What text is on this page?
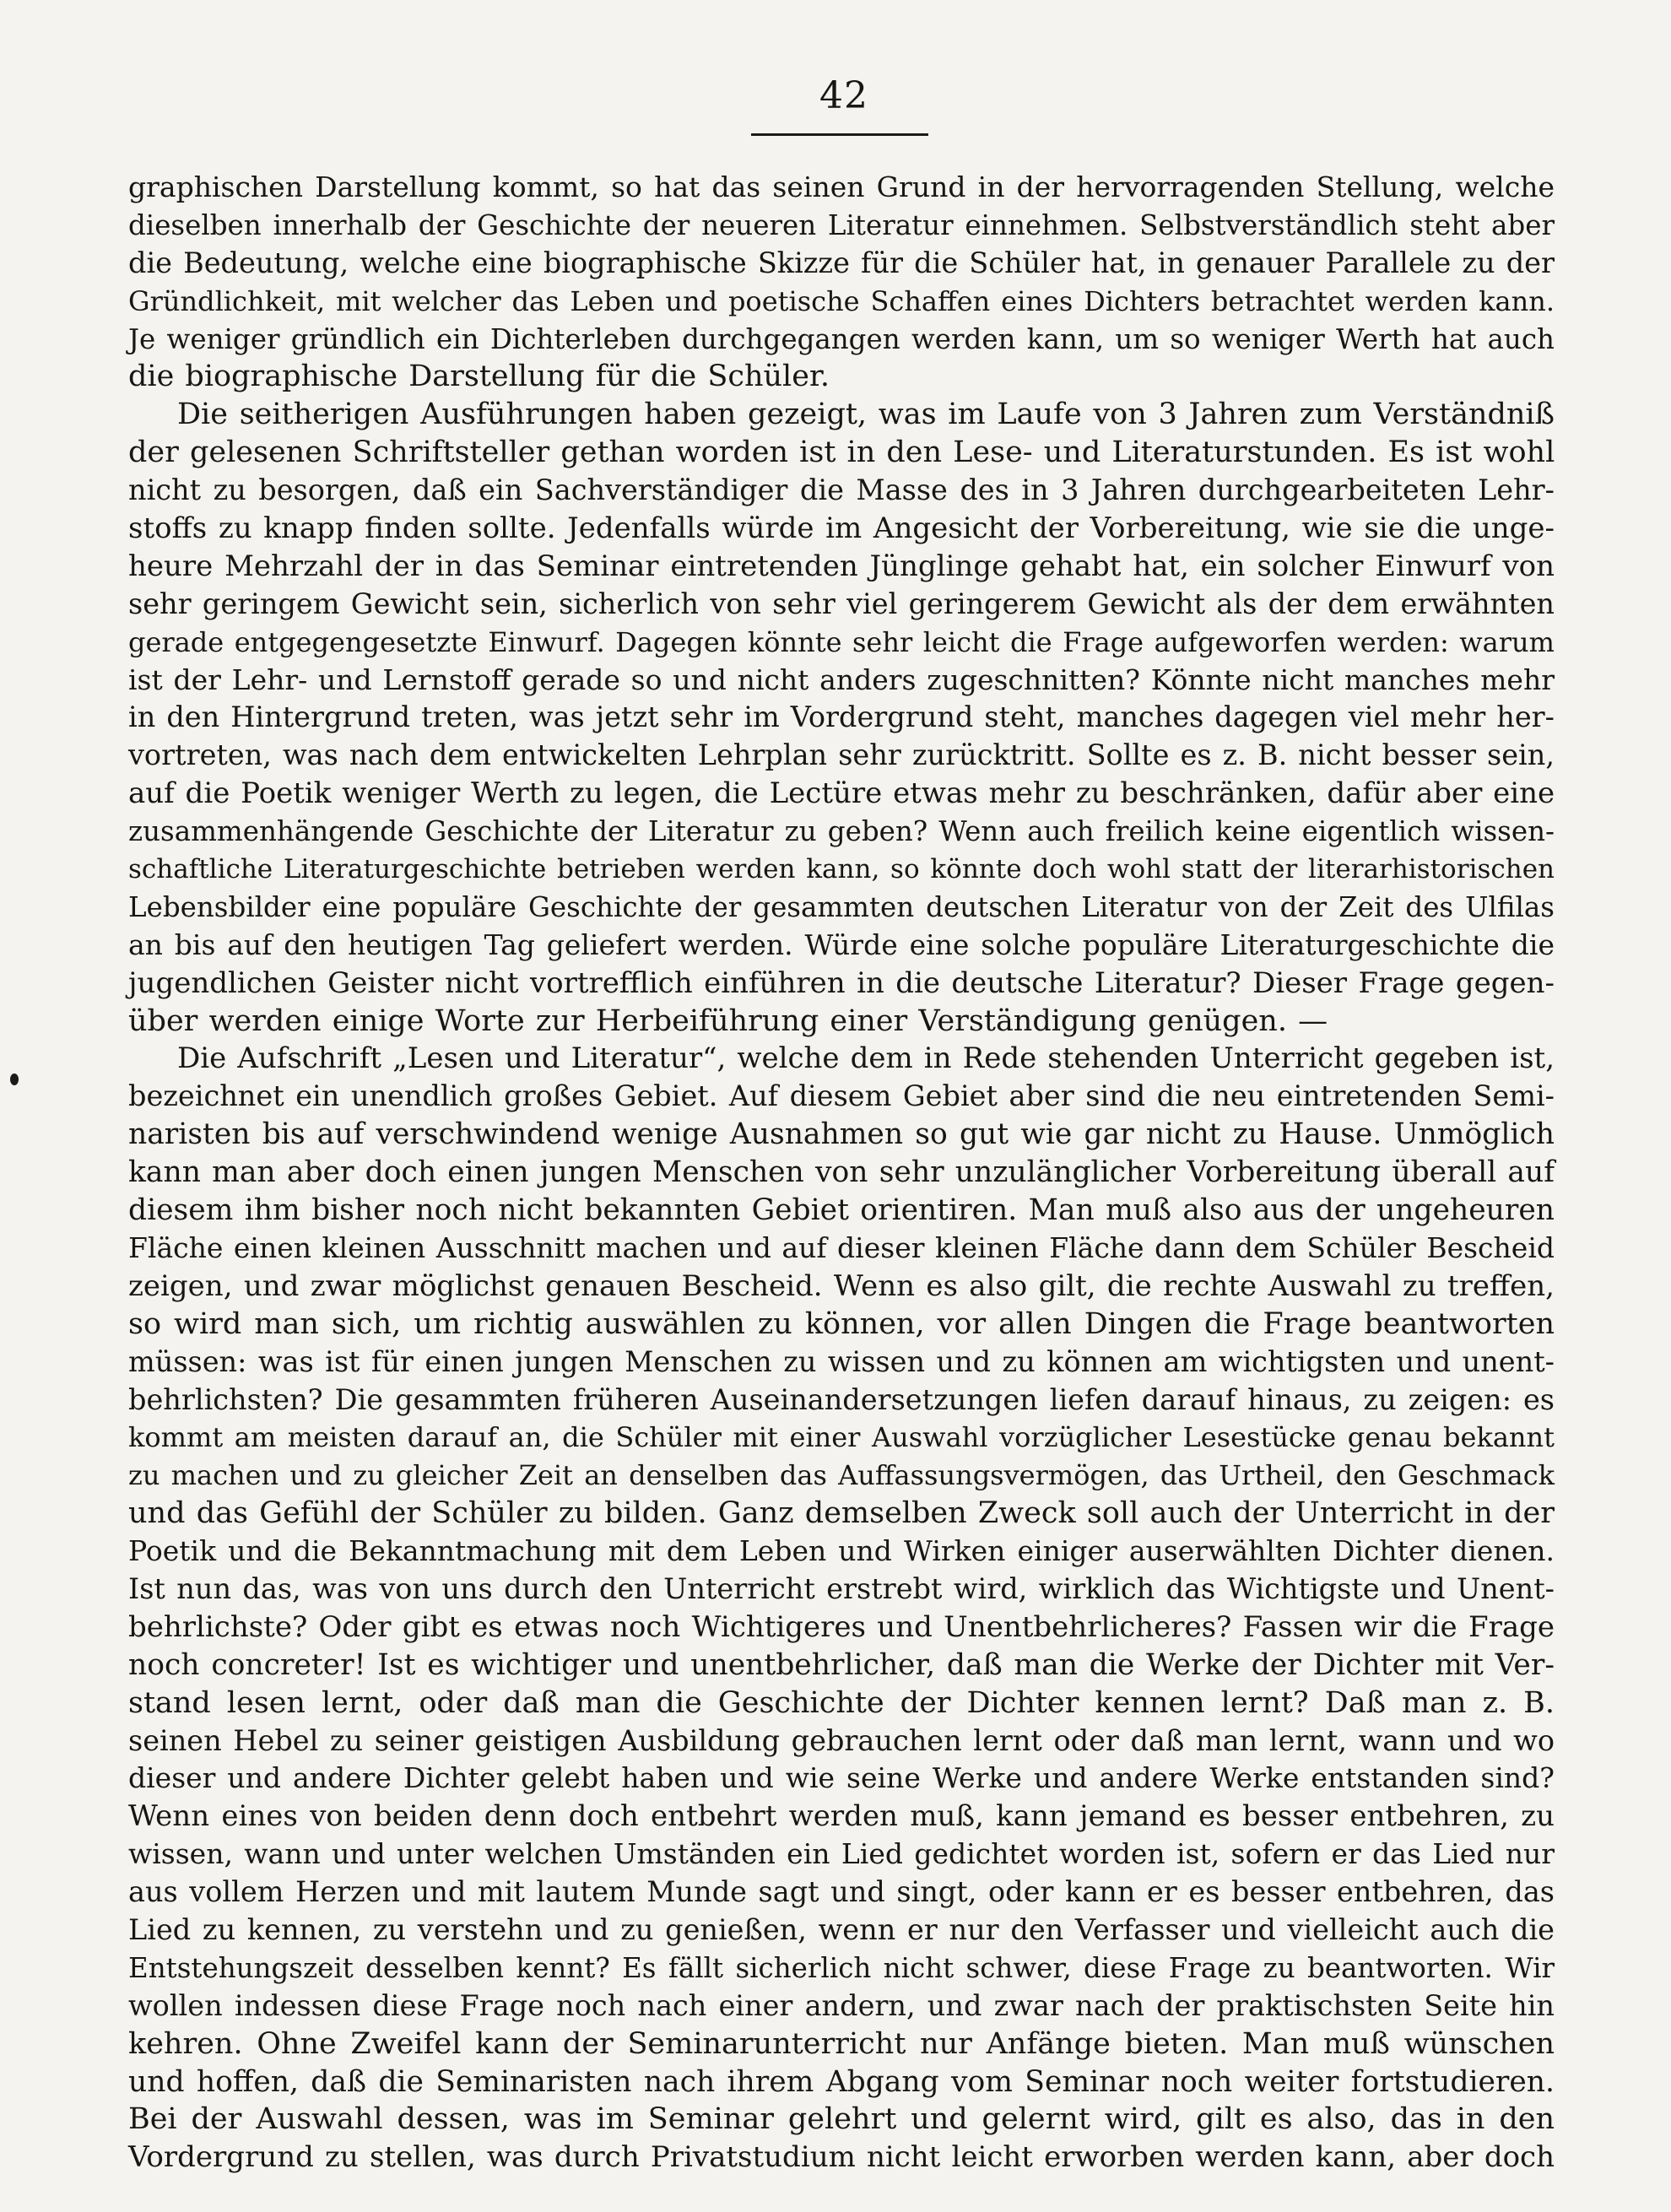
42
graphischen Darstellung kommt, so hat das seinen Grund in der hervorragenden Stellung, welche
dieselben innerhalb der Geschichte der neueren Literatur einnehmen. Selbstverständlich steht aber
die Bedeutung, welche eine biographische Skizze für die Schüler hat, in genauer Parallele zu der
Gründlichkeit, mit welcher das Leben und poetische Schaffen eines Dichters betrachtet werden kann.
Je weniger gründlich ein Dichterleben durchgegangen werden kann, um so weniger Werth hat auch
die biographische Darstellung für die Schüler.
Die seitherigen Ausführungen haben gezeigt, was im Laufe von 3 Jahren zum Verständniß
der gelesenen Schriftsteller gethan worden ist in den Lese- und Literaturstunden. Es ist wohl
nicht zu besorgen, daß ein Sachverständiger die Masse des in 3 Jahren durchgearbeiteten Lehr-
stoffs zu knapp finden sollte. Jedenfalls würde im Angesicht der Vorbereitung, wie sie die unge-
heure Mehrzahl der in das Seminar eintretenden Jünglinge gehabt hat, ein solcher Einwurf von
sehr geringem Gewicht sein, sicherlich von sehr viel geringerem Gewicht als der dem erwähnten
gerade entgegengesetzte Einwurf. Dagegen könnte sehr leicht die Frage aufgeworfen werden: warum
ist der Lehr- und Lernstoff gerade so und nicht anders zugeschnitten? Könnte nicht manches mehr
in den Hintergrund treten, was jetzt sehr im Vordergrund steht, manches dagegen viel mehr her-
vortreten, was nach dem entwickelten Lehrplan sehr zurücktritt. Sollte es z. B. nicht besser sein,
auf die Poetik weniger Werth zu legen, die Lectüre etwas mehr zu beschränken, dafür aber eine
zusammenhängende Geschichte der Literatur zu geben? Wenn auch freilich keine eigentlich wissen-
schaftliche Literaturgeschichte betrieben werden kann, so könnte doch wohl statt der literarhistorischen
Lebensbilder eine populäre Geschichte der gesammten deutschen Literatur von der Zeit des Ulfilas
an bis auf den heutigen Tag geliefert werden. Würde eine solche populäre Literaturgeschichte die
jugendlichen Geister nicht vortrefflich einführen in die deutsche Literatur? Dieser Frage gegen-
über werden einige Worte zur Herbeiführung einer Verständigung genügen. —
Die Aufschrift „Lesen und Literatur“, welche dem in Rede stehenden Unterricht gegeben ist,
bezeichnet ein unendlich großes Gebiet. Auf diesem Gebiet aber sind die neu eintretenden Semi-
naristen bis auf verschwindend wenige Ausnahmen so gut wie gar nicht zu Hause. Unmöglich
kann man aber doch einen jungen Menschen von sehr unzulänglicher Vorbereitung überall auf
diesem ihm bisher noch nicht bekannten Gebiet orientiren. Man muß also aus der ungeheuren
Fläche einen kleinen Ausschnitt machen und auf dieser kleinen Fläche dann dem Schüler Bescheid
zeigen, und zwar möglichst genauen Bescheid. Wenn es also gilt, die rechte Auswahl zu treffen,
so wird man sich, um richtig auswählen zu können, vor allen Dingen die Frage beantworten
müssen: was ist für einen jungen Menschen zu wissen und zu können am wichtigsten und unent-
behrlichsten? Die gesammten früheren Auseinandersetzungen liefen darauf hinaus, zu zeigen: es
kommt am meisten darauf an, die Schüler mit einer Auswahl vorzüglicher Lesestücke genau bekannt
zu machen und zu gleicher Zeit an denselben das Auffassungsvermögen, das Urtheil, den Geschmack
und das Gefühl der Schüler zu bilden. Ganz demselben Zweck soll auch der Unterricht in der
Poetik und die Bekanntmachung mit dem Leben und Wirken einiger auserwählten Dichter dienen.
Ist nun das, was von uns durch den Unterricht erstrebt wird, wirklich das Wichtigste und Unent-
behrlichste? Oder gibt es etwas noch Wichtigeres und Unentbehrlicheres? Fassen wir die Frage
noch concreter! Ist es wichtiger und unentbehrlicher, daß man die Werke der Dichter mit Ver-
stand lesen lernt, oder daß man die Geschichte der Dichter kennen lernt? Daß man z. B.
seinen Hebel zu seiner geistigen Ausbildung gebrauchen lernt oder daß man lernt, wann und wo
dieser und andere Dichter gelebt haben und wie seine Werke und andere Werke entstanden sind?
Wenn eines von beiden denn doch entbehrt werden muß, kann jemand es besser entbehren, zu
wissen, wann und unter welchen Umständen ein Lied gedichtet worden ist, sofern er das Lied nur
aus vollem Herzen und mit lautem Munde sagt und singt, oder kann er es besser entbehren, das
Lied zu kennen, zu verstehn und zu genießen, wenn er nur den Verfasser und vielleicht auch die
Entstehungszeit desselben kennt? Es fällt sicherlich nicht schwer, diese Frage zu beantworten. Wir
wollen indessen diese Frage noch nach einer andern, und zwar nach der praktischsten Seite hin
kehren. Ohne Zweifel kann der Seminarunterricht nur Anfänge bieten. Man muß wünschen
und hoffen, daß die Seminaristen nach ihrem Abgang vom Seminar noch weiter fortstudieren.
Bei der Auswahl dessen, was im Seminar gelehrt und gelernt wird, gilt es also, das in den
Vordergrund zu stellen, was durch Privatstudium nicht leicht erworben werden kann, aber doch
